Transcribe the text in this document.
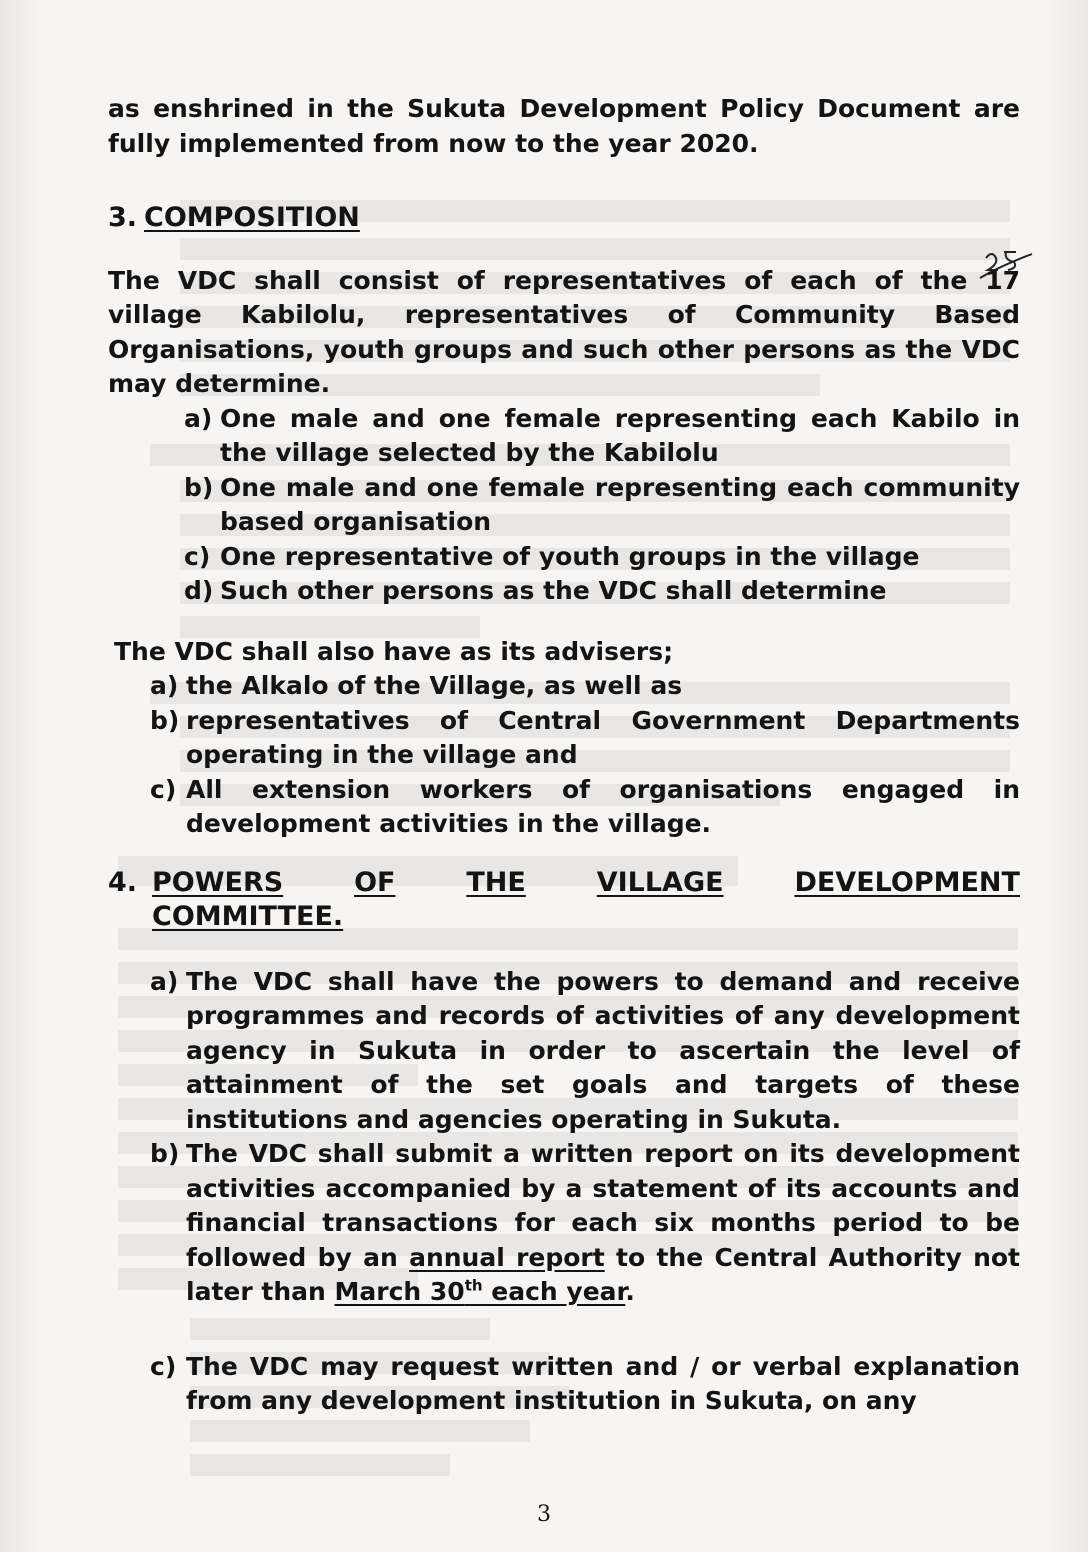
as enshrined in the Sukuta Development Policy Document are fully implemented from now to the year 2020.

3. COMPOSITION

The VDC shall consist of representatives of each of the 17 village Kabilolu, representatives of Community Based Organisations, youth groups and such other persons as the VDC may determine.

a) One male and one female representing each Kabilo in the village selected by the Kabilolu
b) One male and one female representing each community based organisation
c) One representative of youth groups in the village
d) Such other persons as the VDC shall determine

The VDC shall also have as its advisers;

a) the Alkalo of the Village, as well as
b) representatives of Central Government Departments operating in the village and
c) All extension workers of organisations engaged in development activities in the village.
4. POWERS	OF	THE	VILLAGE	DEVELOPMENT
COMMITTEE.
a) The VDC shall have the powers to demand and receive programmes and records of activities of any development agency in Sukuta in order to ascertain the level of attainment of the set goals and targets of these institutions and agencies operating in Sukuta.
b) The VDC shall submit a written report on its development activities accompanied by a statement of its accounts and financial transactions for each six months period to be followed by an annual report to the Central Authority not later than March 30th each year.
c) The VDC may request written and / or verbal explanation from any development institution in Sukuta, on any
3
